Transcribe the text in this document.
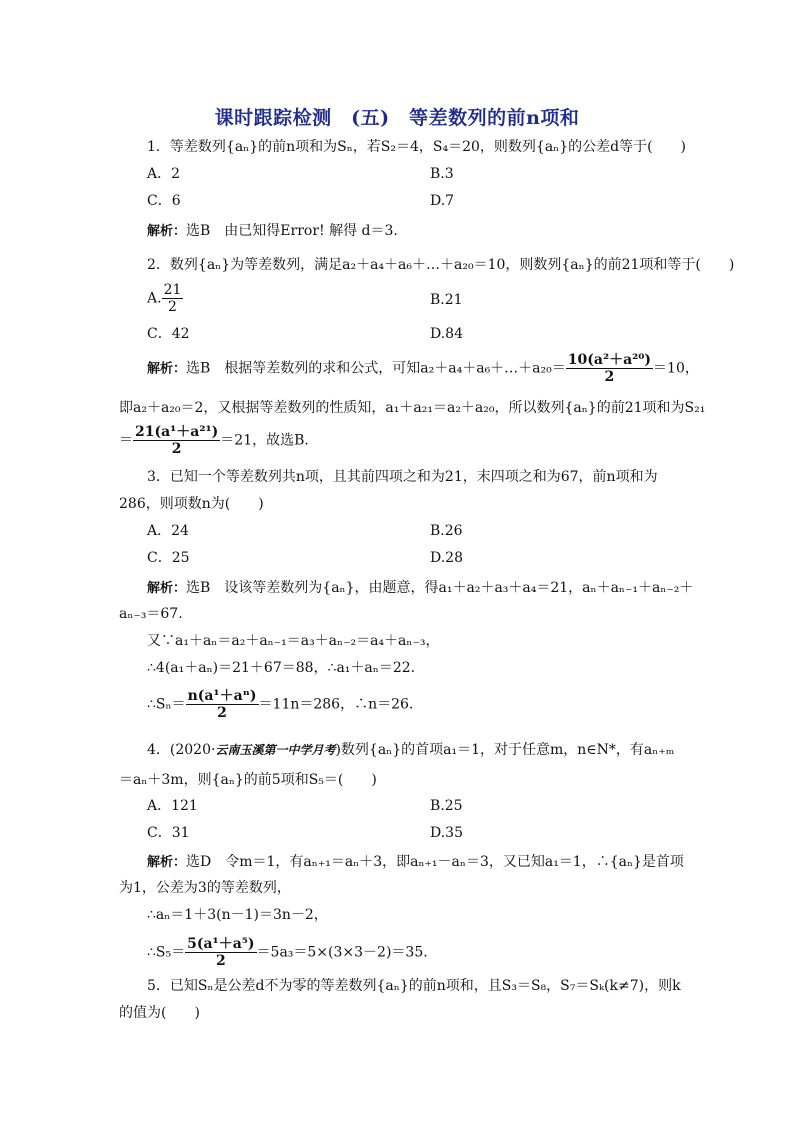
课时跟踪检测　(五)　等差数列的前n项和
1．等差数列{aₙ}的前n项和为Sₙ，若S₂＝4，S₄＝20，则数列{aₙ}的公差d等于(　　)
A．2	B.3
C．6	D.7
解析：选B　由已知得Error! 解得 d＝3.
2．数列{aₙ}为等差数列，满足a₂＋a₄＋a₆＋…＋a₂₀＝10，则数列{aₙ}的前21项和等于(　　)
A. $\frac{21}{2}$	B.21
C．42	D.84
解析：选B　根据等差数列的求和公式，可知a₂＋a₄＋a₆＋…＋a₂₀＝ $\frac{\text{10(a²＋a²⁰)}}{2} =10$，
即a₂＋a₂₀＝2，又根据等差数列的性质知，a₁＋a₂₁＝a₂＋a₂₀，所以数列{aₙ}的前21项和为S₂₁
＝ $\frac{\text{21(a¹＋a²¹)}}{2} =21$，故选B.
3．已知一个等差数列共n项，且其前四项之和为21，末四项之和为67，前n项和为
286，则项数n为(　　)
A．24	B.26
C．25	D.28
解析：选B　设该等差数列为{aₙ}，由题意，得a₁＋a₂＋a₃＋a₄＝21，aₙ＋aₙ₋₁＋aₙ₋₂＋
aₙ₋₃＝67.
又∵a₁＋aₙ＝a₂＋aₙ₋₁＝a₃＋aₙ₋₂＝a₄＋aₙ₋₃，
∴4(a₁＋aₙ)＝21＋67＝88，∴a₁＋aₙ＝22.
∴Sₙ＝ $\frac{\text{n(a¹＋aⁿ)}}{2} =11n=286$，∴n＝26.
4．(2020·云南玉溪第一中学月考)数列{aₙ}的首项a₁＝1，对于任意m，n∈N*，有aₙ₊ₘ
＝aₙ＋3m，则{aₙ}的前5项和S₅＝(　　)
A．121	B.25
C．31	D.35
解析：选D　令m＝1，有aₙ₊₁＝aₙ＋3，即aₙ₊₁－aₙ＝3，又已知a₁＝1，∴{aₙ}是首项
为1，公差为3的等差数列，
∴aₙ＝1＋3(n－1)＝3n－2，
∴S₅＝ $\frac{\text{5(a¹＋a⁵)}}{2} =5a_3=5\times(3\times 3-2)=35$.
5．已知Sₙ是公差d不为零的等差数列{aₙ}的前n项和，且S₃＝S₈，S₇＝Sₖ(k≠7)，则k
的值为(　　)
